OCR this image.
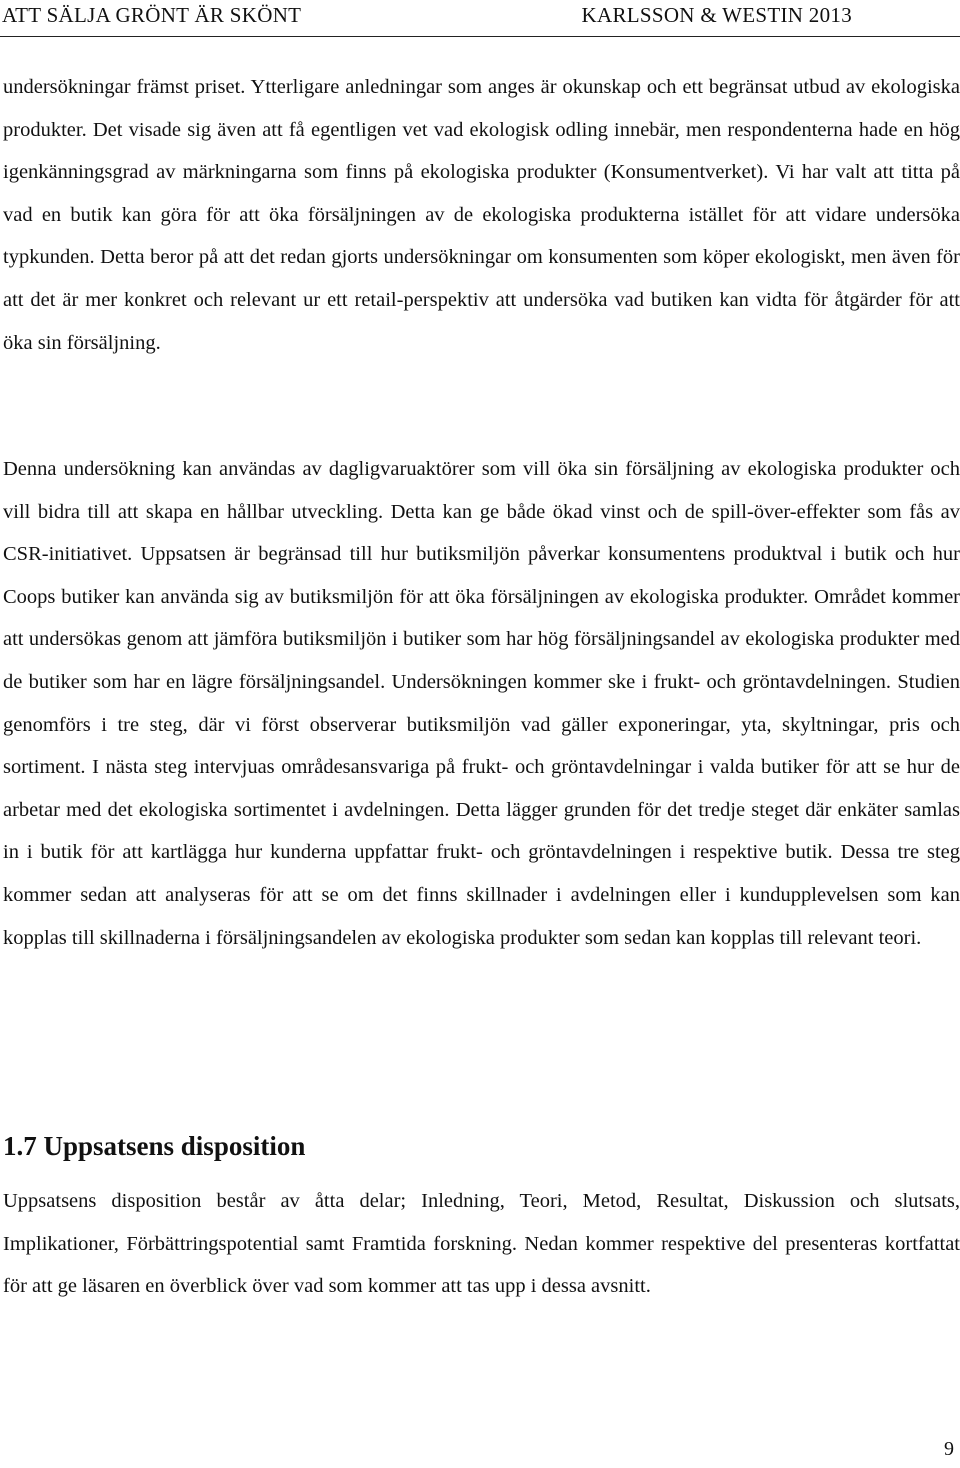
ATT SÄLJA GRÖNT ÄR SKÖNT	KARLSSON & WESTIN 2013

undersökningar främst priset. Ytterligare anledningar som anges är okunskap och ett begränsat utbud av ekologiska produkter. Det visade sig även att få egentligen vet vad ekologisk odling innebär, men respondenterna hade en hög igenkänningsgrad av märkningarna som finns på ekologiska produkter (Konsumentverket). Vi har valt att titta på vad en butik kan göra för att öka försäljningen av de ekologiska produkterna istället för att vidare undersöka typkunden. Detta beror på att det redan gjorts undersökningar om konsumenten som köper ekologiskt, men även för att det är mer konkret och relevant ur ett retail-perspektiv att undersöka vad butiken kan vidta för åtgärder för att öka sin försäljning.

Denna undersökning kan användas av dagligvaruaktörer som vill öka sin försäljning av ekologiska produkter och vill bidra till att skapa en hållbar utveckling. Detta kan ge både ökad vinst och de spill-över-effekter som fås av CSR-initiativet. Uppsatsen är begränsad till hur butiksmiljön påverkar konsumentens produktval i butik och hur Coops butiker kan använda sig av butiksmiljön för att öka försäljningen av ekologiska produkter. Området kommer att undersökas genom att jämföra butiksmiljön i butiker som har hög försäljningsandel av ekologiska produkter med de butiker som har en lägre försäljningsandel. Undersökningen kommer ske i frukt- och gröntavdelningen. Studien genomförs i tre steg, där vi först observerar butiksmiljön vad gäller exponeringar, yta, skyltningar, pris och sortiment. I nästa steg intervjuas områdesansvariga på frukt- och gröntavdelningar i valda butiker för att se hur de arbetar med det ekologiska sortimentet i avdelningen. Detta lägger grunden för det tredje steget där enkäter samlas in i butik för att kartlägga hur kunderna uppfattar frukt- och gröntavdelningen i respektive butik. Dessa tre steg kommer sedan att analyseras för att se om det finns skillnader i avdelningen eller i kundupplevelsen som kan kopplas till skillnaderna i försäljningsandelen av ekologiska produkter som sedan kan kopplas till relevant teori.

1.7 Uppsatsens disposition

Uppsatsens disposition består av åtta delar; Inledning, Teori, Metod, Resultat, Diskussion och slutsats, Implikationer, Förbättringspotential samt Framtida forskning. Nedan kommer respektive del presenteras kortfattat för att ge läsaren en överblick över vad som kommer att tas upp i dessa avsnitt.

9
